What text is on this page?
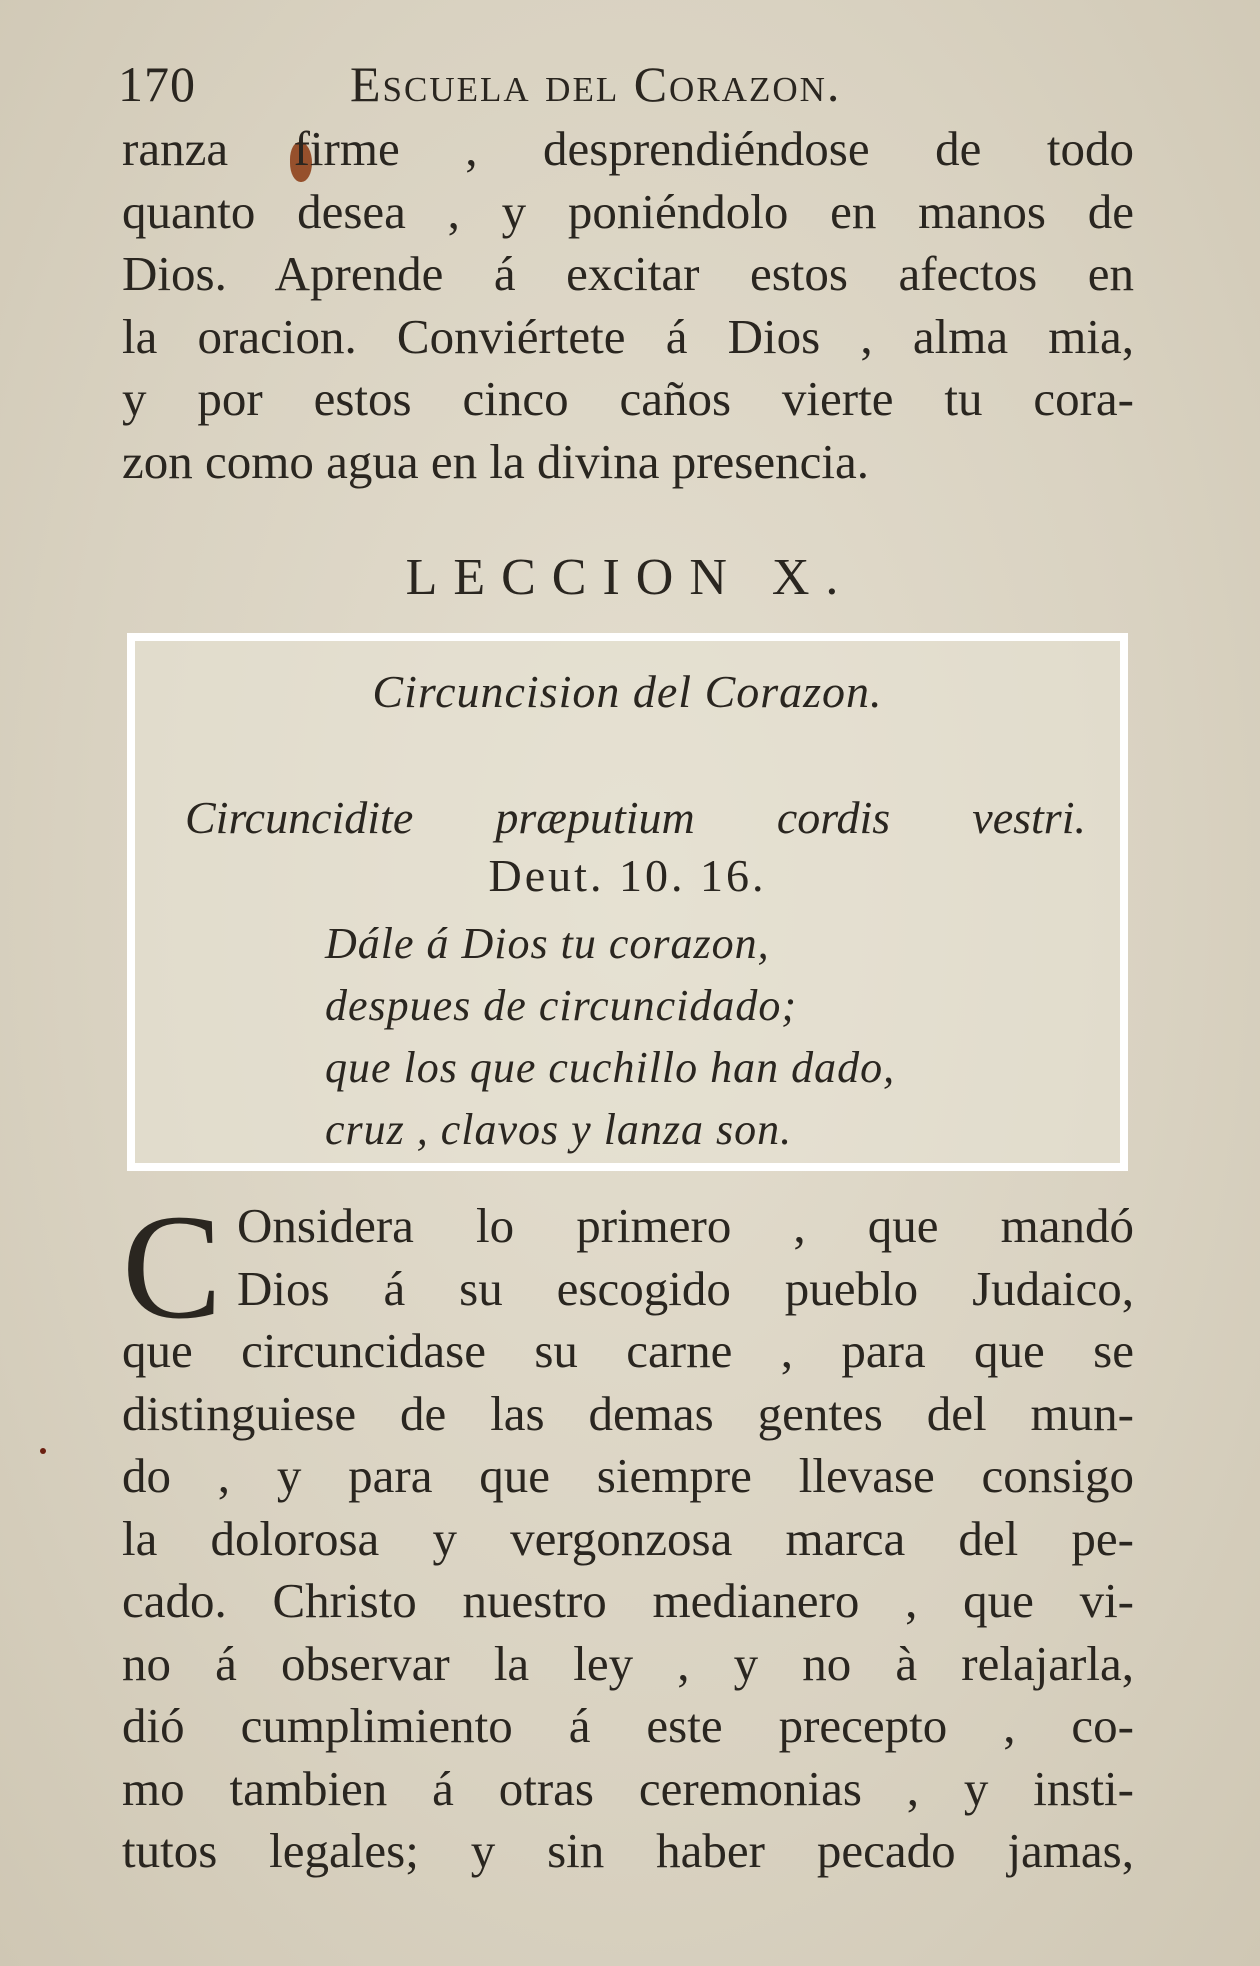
170	Escuela del Corazon.
ranza firme , desprendiéndose de todo
quanto desea , y poniéndolo en manos de
Dios. Aprende á excitar estos afectos en
la oracion. Conviértete á Dios , alma mia,
y por estos cinco caños vierte tu cora-
zon como agua en la divina presencia.
LECCION X.
Circuncision del Corazon.
Circuncidite præputium cordis vestri.
Deut. 10. 16.
Dále á Dios tu corazon,
despues de circuncidado;
que los que cuchillo han dado,
cruz , clavos y lanza son.
C Onsidera lo primero , que mandó
Dios á su escogido pueblo Judaico,
que circuncidase su carne , para que se
distinguiese de las demas gentes del mun-
do , y para que siempre llevase consigo
la dolorosa y vergonzosa marca del pe-
cado. Christo nuestro medianero , que vi-
no á observar la ley , y no à relajarla,
dió cumplimiento á este precepto , co-
mo tambien á otras ceremonias , y insti-
tutos legales; y sin haber pecado jamas,
